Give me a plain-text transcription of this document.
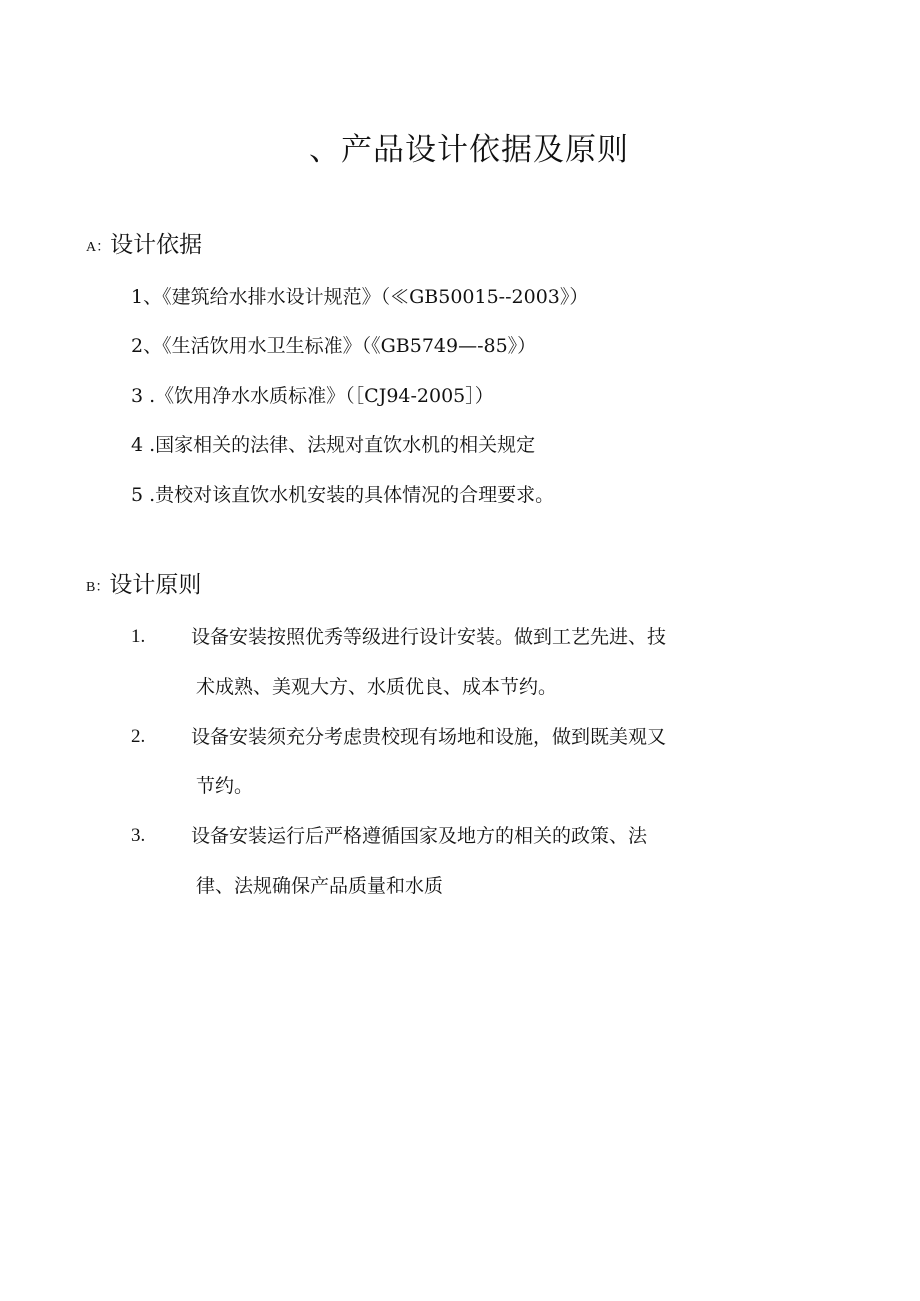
、产品设计依据及原则
A：设计依据
1、《建筑给水排水设计规范》（≪GB50015--2003》）
2、《生活饮用水卫生标准》（《GB5749—-85》）
3 .《饮用净水水质标准》（［CJ94-2005］）
4 .国家相关的法律、法规对直饮水机的相关规定
5 .贵校对该直饮水机安装的具体情况的合理要求。
B：设计原则
1. 设备安装按照优秀等级进行设计安装。做到工艺先进、技
术成熟、美观大方、水质优良、成本节约。
2. 设备安装须充分考虑贵校现有场地和设施，做到既美观又
节约。
3. 设备安装运行后严格遵循国家及地方的相关的政策、法
律、法规确保产品质量和水质
